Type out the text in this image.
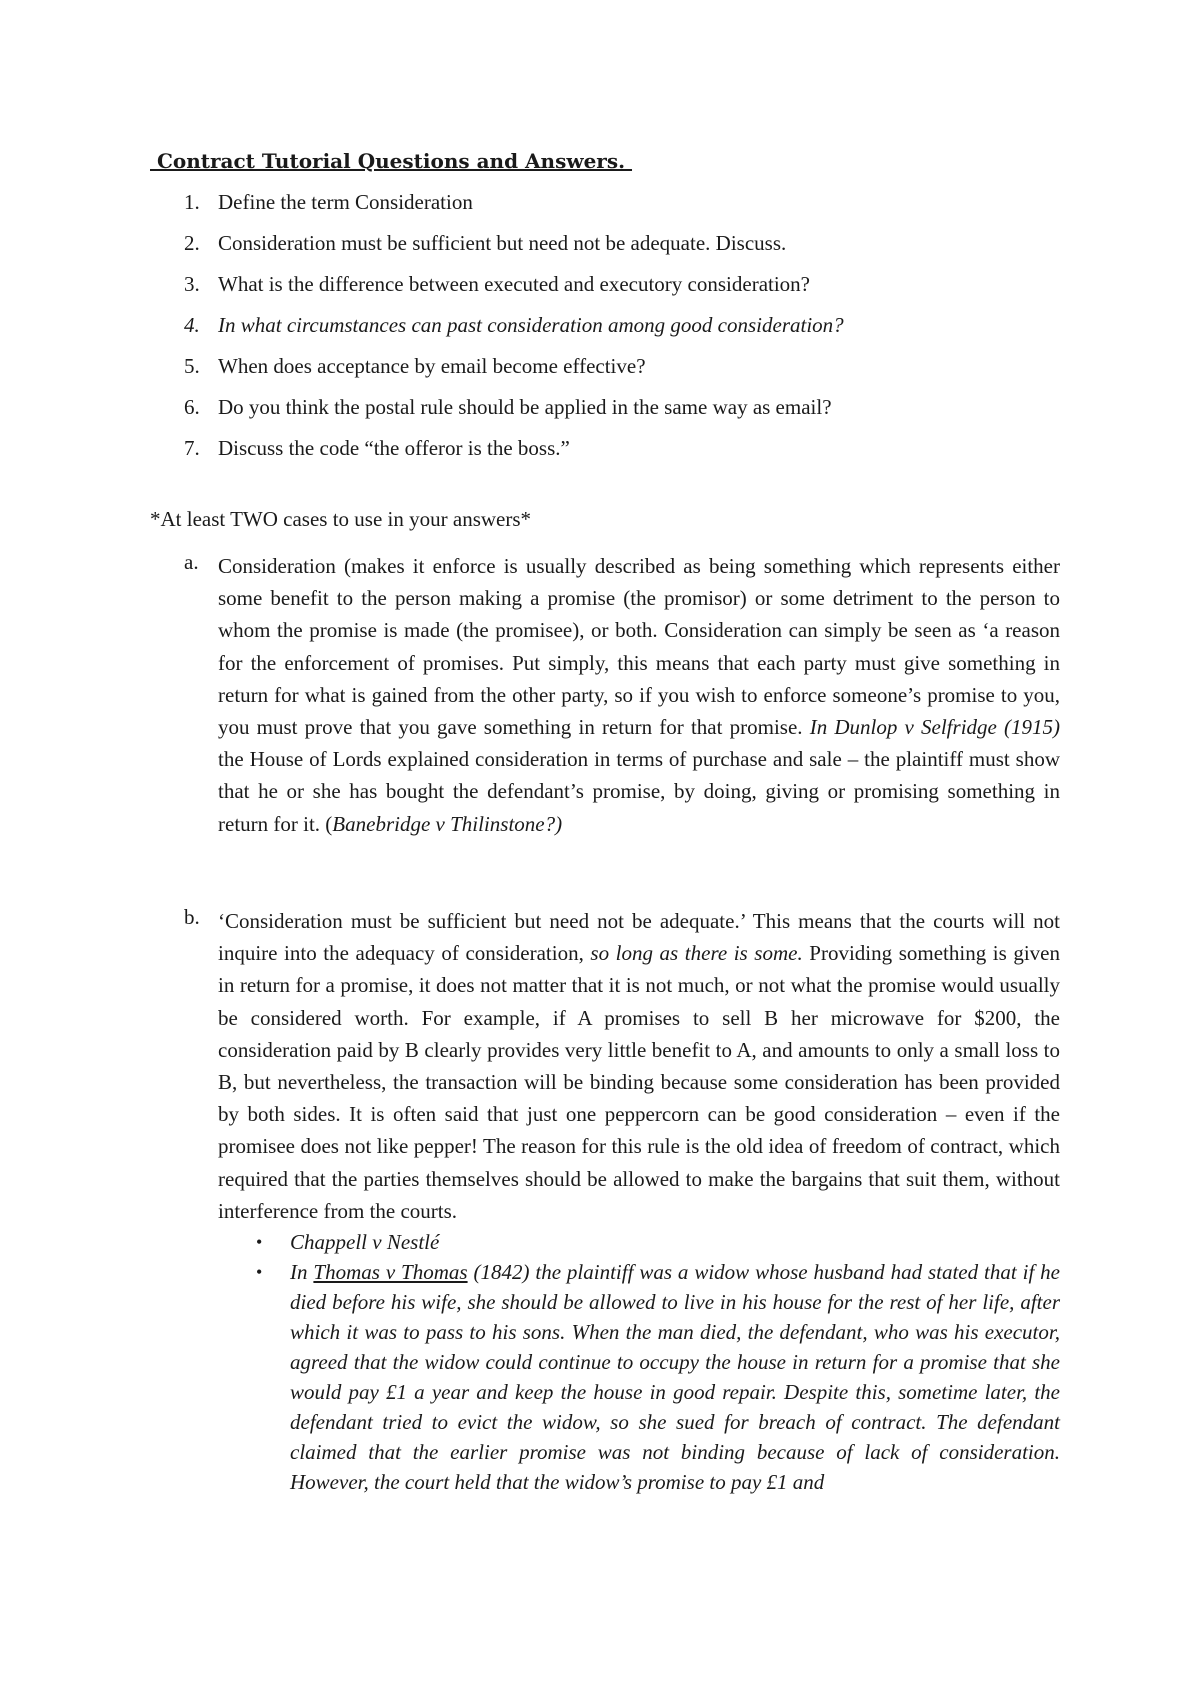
Contract Tutorial Questions and Answers.
1. Define the term Consideration
2. Consideration must be sufficient but need not be adequate. Discuss.
3. What is the difference between executed and executory consideration?
4. In what circumstances can past consideration among good consideration?
5. When does acceptance by email become effective?
6. Do you think the postal rule should be applied in the same way as email?
7. Discuss the code “the offeror is the boss.”
*At least TWO cases to use in your answers*
a. Consideration (makes it enforce is usually described as being something which represents either some benefit to the person making a promise (the promisor) or some detriment to the person to whom the promise is made (the promisee), or both. Consideration can simply be seen as ‘a reason for the enforcement of promises. Put simply, this means that each party must give something in return for what is gained from the other party, so if you wish to enforce someone’s promise to you, you must prove that you gave something in return for that promise. In Dunlop v Selfridge (1915) the House of Lords explained consideration in terms of purchase and sale – the plaintiff must show that he or she has bought the defendant’s promise, by doing, giving or promising something in return for it. (Banebridge v Thilinstone?)

b. ‘Consideration must be sufficient but need not be adequate.’ This means that the courts will not inquire into the adequacy of consideration, so long as there is some. Providing something is given in return for a promise, it does not matter that it is not much, or not what the promise would usually be considered worth. For example, if A promises to sell B her microwave for $200, the consideration paid by B clearly provides very little benefit to A, and amounts to only a small loss to B, but nevertheless, the transaction will be binding because some consideration has been provided by both sides. It is often said that just one peppercorn can be good consideration – even if the promisee does not like pepper! The reason for this rule is the old idea of freedom of contract, which required that the parties themselves should be allowed to make the bargains that suit them, without interference from the courts.

• Chappell v Nestlé
• In Thomas v Thomas (1842) the plaintiff was a widow whose husband had stated that if he died before his wife, she should be allowed to live in his house for the rest of her life, after which it was to pass to his sons. When the man died, the defendant, who was his executor, agreed that the widow could continue to occupy the house in return for a promise that she would pay £1 a year and keep the house in good repair. Despite this, sometime later, the defendant tried to evict the widow, so she sued for breach of contract. The defendant claimed that the earlier promise was not binding because of lack of consideration. However, the court held that the widow’s promise to pay £1 and
